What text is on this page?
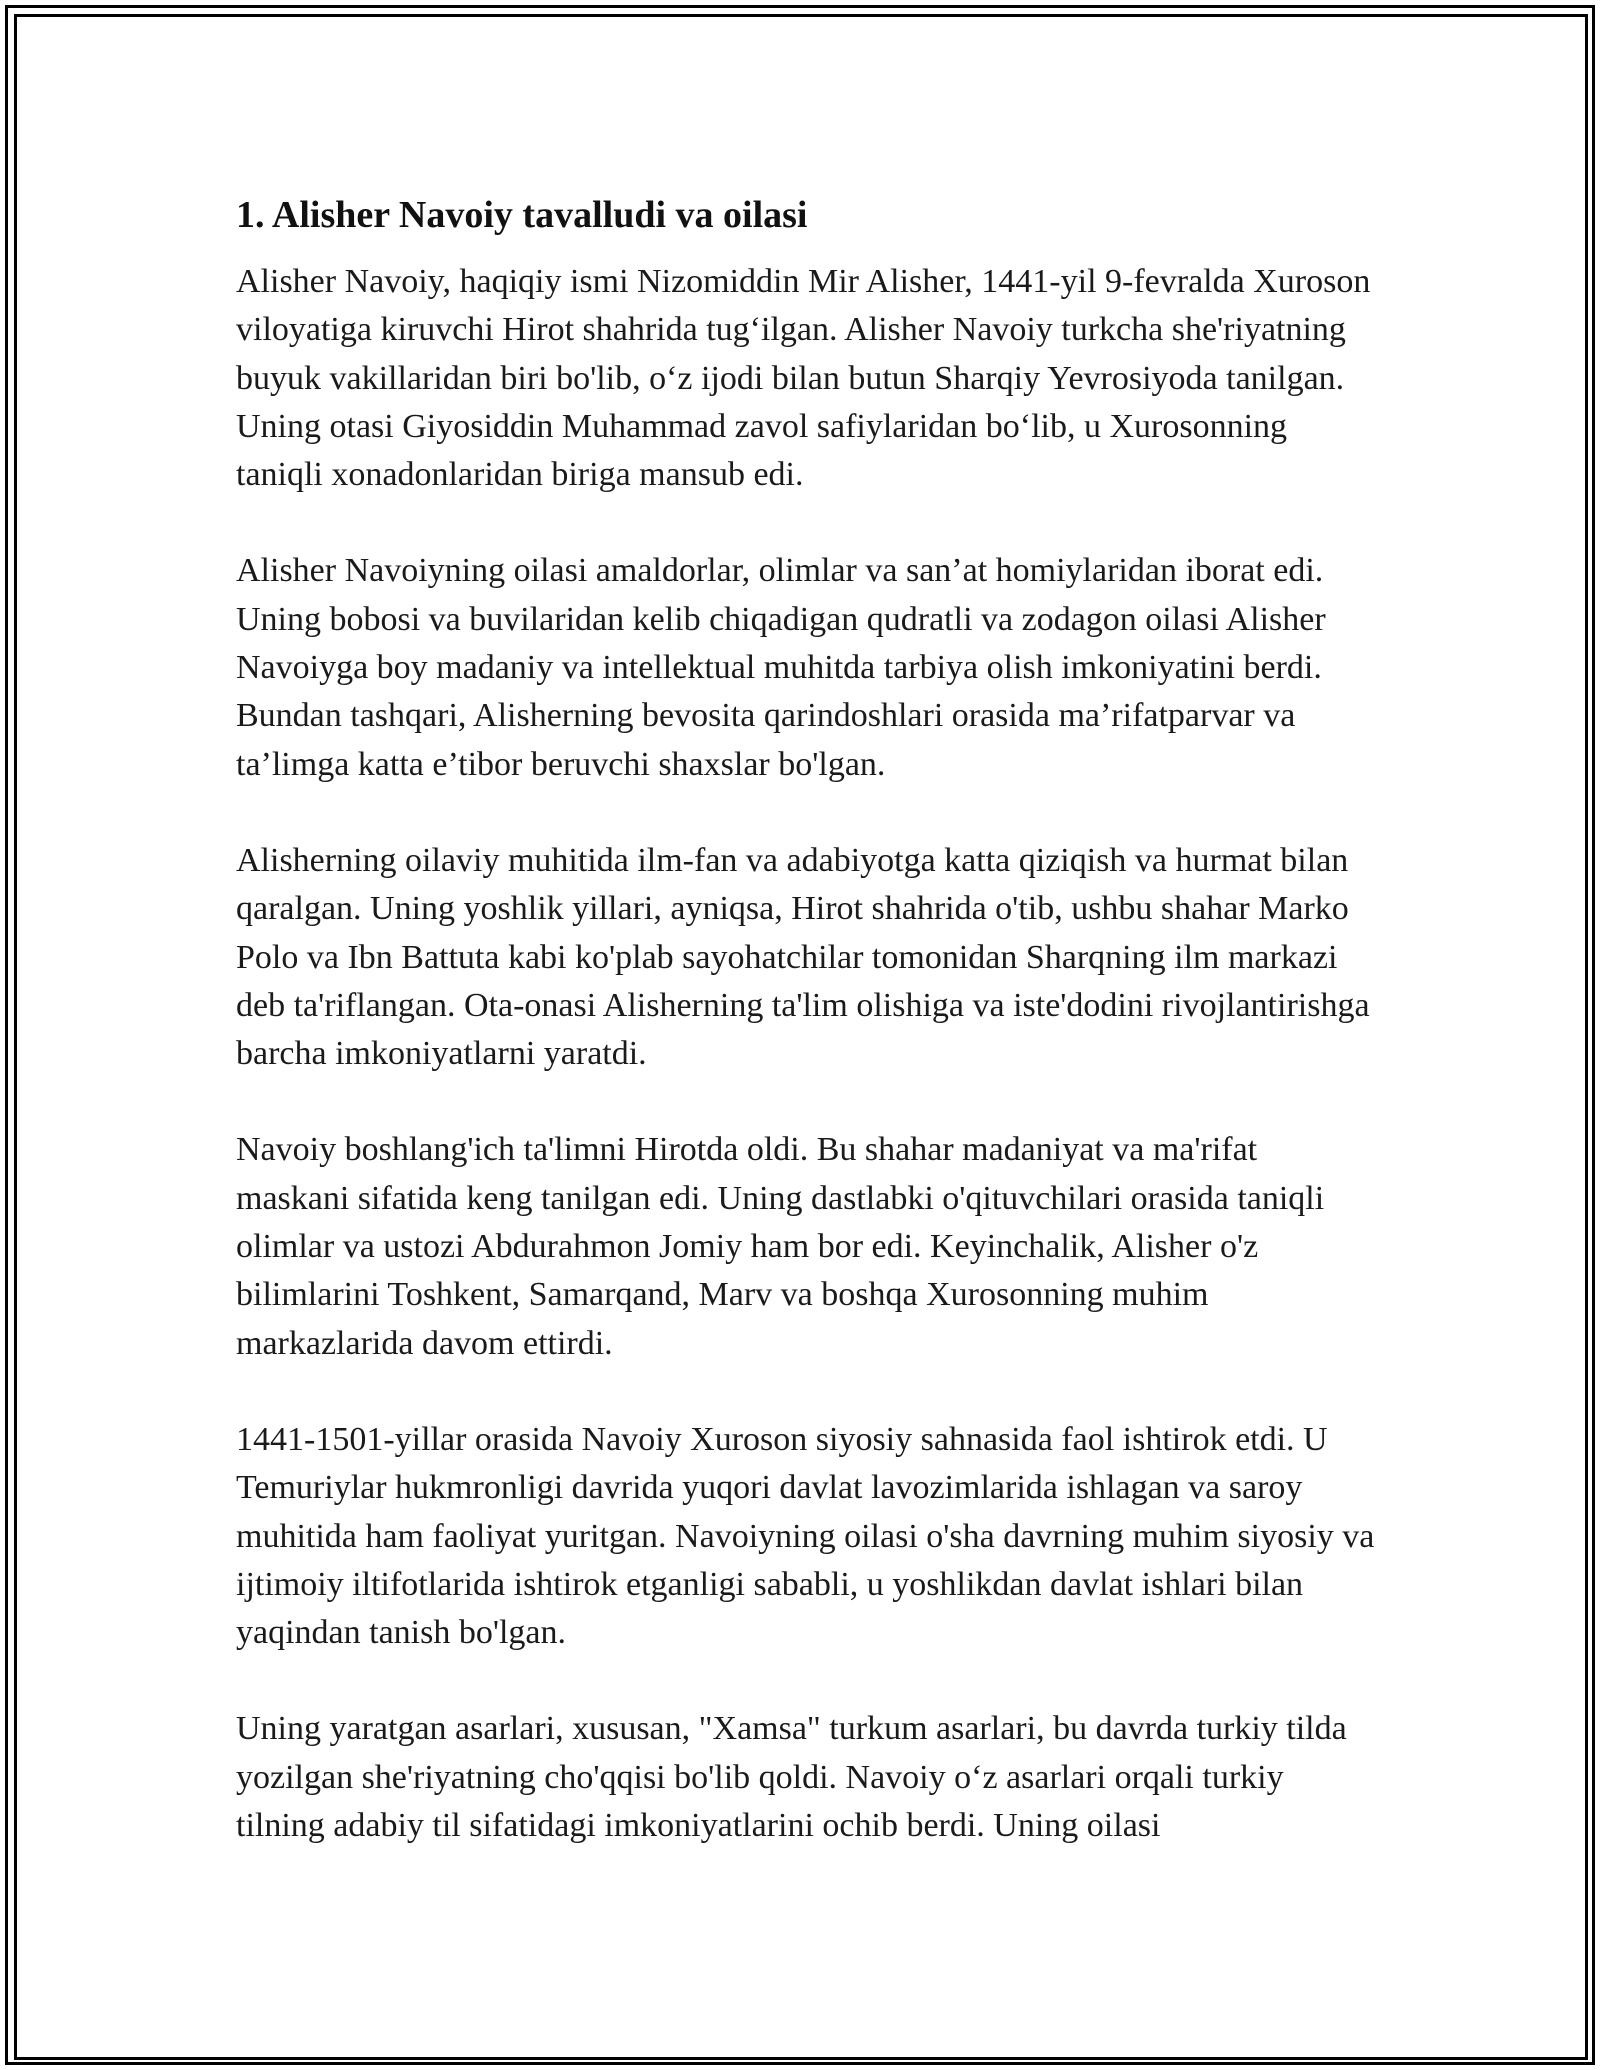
1. Alisher Navoiy tavalludi va oilasi

Alisher Navoiy, haqiqiy ismi Nizomiddin Mir Alisher, 1441-yil 9-fevralda Xuroson viloyatiga kiruvchi Hirot shahrida tug‘ilgan. Alisher Navoiy turkcha she'riyatning buyuk vakillaridan biri bo'lib, o‘z ijodi bilan butun Sharqiy Yevrosiyoda tanilgan. Uning otasi Giyosiddin Muhammad zavol safiylaridan bo‘lib, u Xurosonning taniqli xonadonlaridan biriga mansub edi.

Alisher Navoiyning oilasi amaldorlar, olimlar va san’at homiylaridan iborat edi. Uning bobosi va buvilaridan kelib chiqadigan qudratli va zodagon oilasi Alisher Navoiyga boy madaniy va intellektual muhitda tarbiya olish imkoniyatini berdi. Bundan tashqari, Alisherning bevosita qarindoshlari orasida ma’rifatparvar va ta’limga katta e’tibor beruvchi shaxslar bo'lgan.

Alisherning oilaviy muhitida ilm-fan va adabiyotga katta qiziqish va hurmat bilan qaralgan. Uning yoshlik yillari, ayniqsa, Hirot shahrida o'tib, ushbu shahar Marko Polo va Ibn Battuta kabi ko'plab sayohatchilar tomonidan Sharqning ilm markazi deb ta'riflangan. Ota-onasi Alisherning ta'lim olishiga va iste'dodini rivojlantirishga barcha imkoniyatlarni yaratdi.

Navoiy boshlang'ich ta'limni Hirotda oldi. Bu shahar madaniyat va ma'rifat maskani sifatida keng tanilgan edi. Uning dastlabki o'qituvchilari orasida taniqli olimlar va ustozi Abdurahmon Jomiy ham bor edi. Keyinchalik, Alisher o'z bilimlarini Toshkent, Samarqand, Marv va boshqa Xurosonning muhim markazlarida davom ettirdi.

1441-1501-yillar orasida Navoiy Xuroson siyosiy sahnasida faol ishtirok etdi. U Temuriylar hukmronligi davrida yuqori davlat lavozimlarida ishlagan va saroy muhitida ham faoliyat yuritgan. Navoiyning oilasi o'sha davrning muhim siyosiy va ijtimoiy iltifotlarida ishtirok etganligi sababli, u yoshlikdan davlat ishlari bilan yaqindan tanish bo'lgan.

Uning yaratgan asarlari, xususan, "Xamsa" turkum asarlari, bu davrda turkiy tilda yozilgan she'riyatning cho'qqisi bo'lib qoldi. Navoiy o‘z asarlari orqali turkiy tilning adabiy til sifatidagi imkoniyatlarini ochib berdi. Uning oilasi
